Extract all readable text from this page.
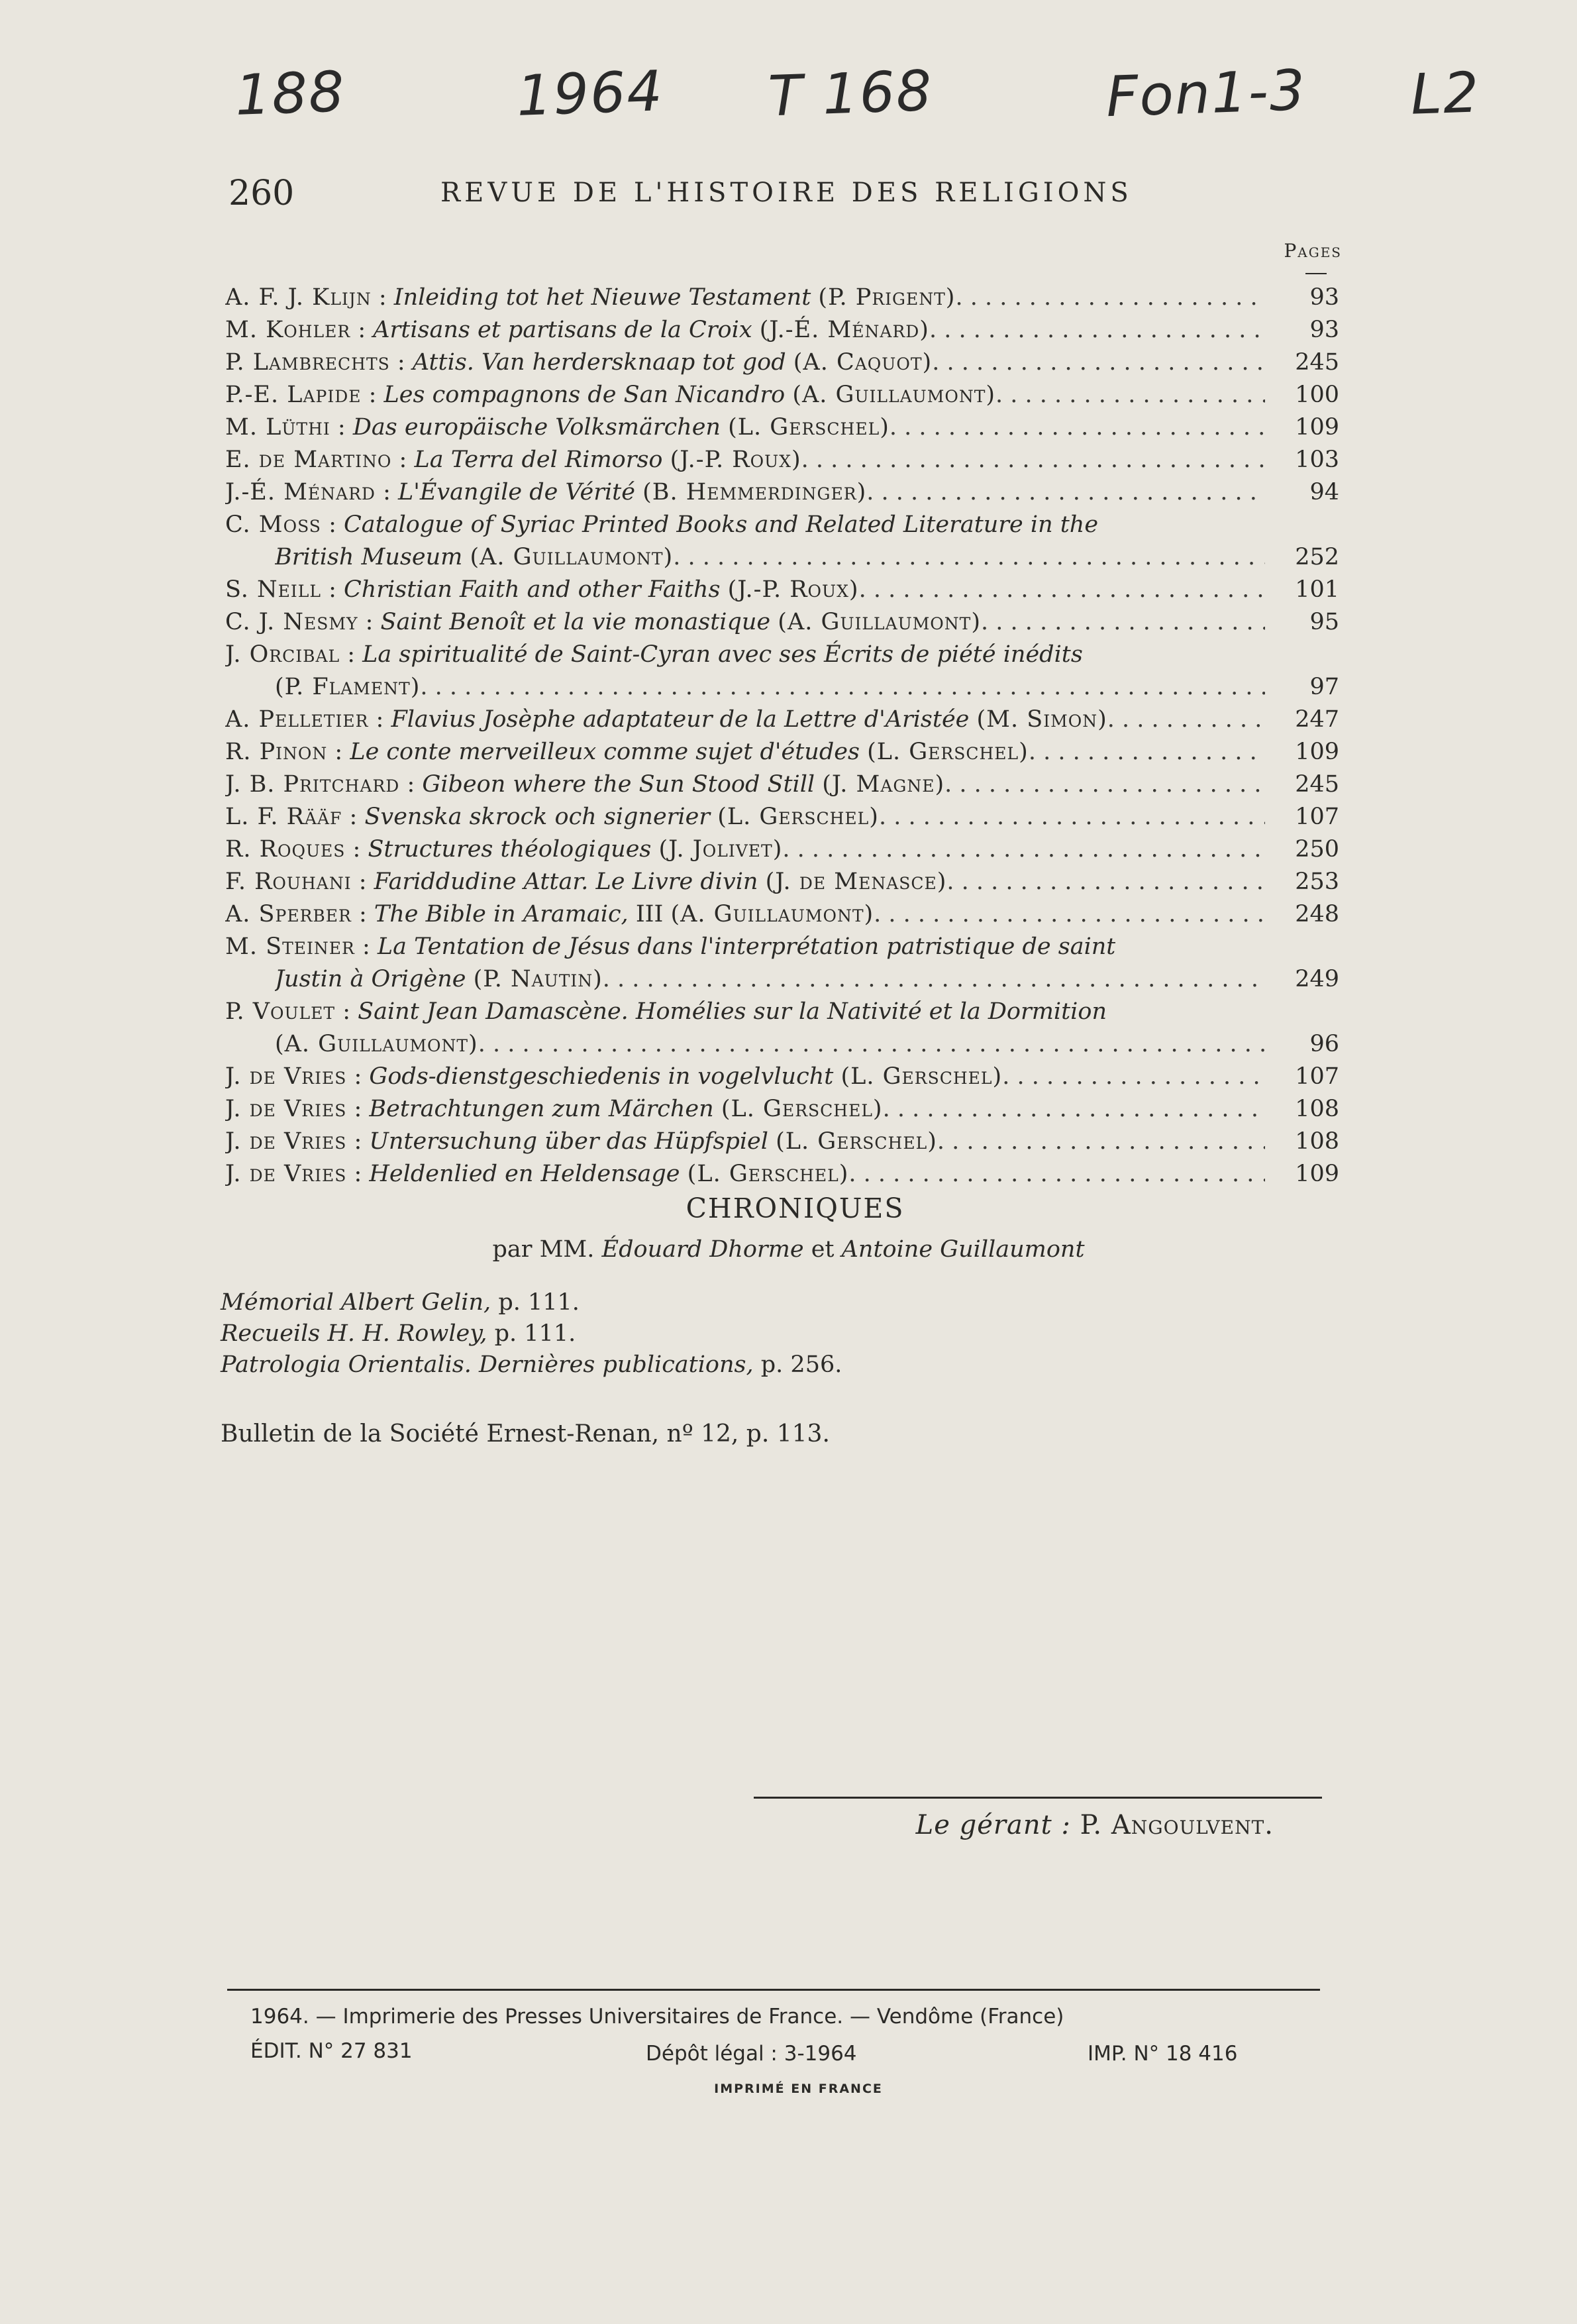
188	1964 T 168	Fon1-3 L2
260	REVUE DE L'HISTOIRE DES RELIGIONS
Pages
A. F. J. Klijn : Inleiding tot het Nieuwe Testament (P. Prigent) . . .	93
M. Kohler : Artisans et partisans de la Croix (J.-É. Ménard) . . .	93
P. Lambrechts : Attis. Van herdersknaap tot god (A. Caquot) . . .	245
P.-E. Lapide : Les compagnons de San Nicandro (A. Guillaumont) . . .	100
M. Lüthi : Das europäische Volksmärchen (L. Gerschel) . . .	109
E. de Martino : La Terra del Rimorso (J.-P. Roux) . . .	103
J.-É. Ménard : L'Évangile de Vérité (B. Hemmerdinger) . . .	94
C. Moss : Catalogue of Syriac Printed Books and Related Literature in the
British Museum (A. Guillaumont) . . .	252
S. Neill : Christian Faith and other Faiths (J.-P. Roux) . . .	101
C. J. Nesmy : Saint Benoît et la vie monastique (A. Guillaumont) . . .	95
J. Orcibal : La spiritualité de Saint-Cyran avec ses Écrits de piété inédits
(P. Flament) . . .	97
A. Pelletier : Flavius Josèphe adaptateur de la Lettre d'Aristée (M. Simon) . . .	247
R. Pinon : Le conte merveilleux comme sujet d'études (L. Gerschel) . . .	109
J. B. Pritchard : Gibeon where the Sun Stood Still (J. Magne) . . .	245
L. F. Rääf : Svenska skrock och signerier (L. Gerschel) . . .	107
R. Roques : Structures théologiques (J. Jolivet) . . .	250
F. Rouhani : Fariddudine Attar. Le Livre divin (J. de Menasce) . . .	253
A. Sperber : The Bible in Aramaic, III (A. Guillaumont) . . .	248
M. Steiner : La Tentation de Jésus dans l'interprétation patristique de saint
Justin à Origène (P. Nautin) . . .	249
P. Voulet : Saint Jean Damascène. Homélies sur la Nativité et la Dormition
(A. Guillaumont) . . .	96
J. de Vries : Gods-dienstgeschiedenis in vogelvlucht (L. Gerschel) . . .	107
J. de Vries : Betrachtungen zum Märchen (L. Gerschel) . . .	108
J. de Vries : Untersuchung über das Hüpfspiel (L. Gerschel) . . .	108
J. de Vries : Heldenlied en Heldensage (L. Gerschel) . . .	109
CHRONIQUES
par MM. Édouard Dhorme et Antoine Guillaumont
Mémorial Albert Gelin, p. 111.
Recueils H. H. Rowley, p. 111.
Patrologia Orientalis. Dernières publications, p. 256.
Bulletin de la Société Ernest-Renan, nº 12, p. 113.
Le gérant : P. Angoulvent.
1964. — Imprimerie des Presses Universitaires de France. — Vendôme (France)
ÉDIT. N° 27 831	Dépôt légal : 3-1964	IMP. N° 18 416
IMPRIMÉ EN FRANCE
